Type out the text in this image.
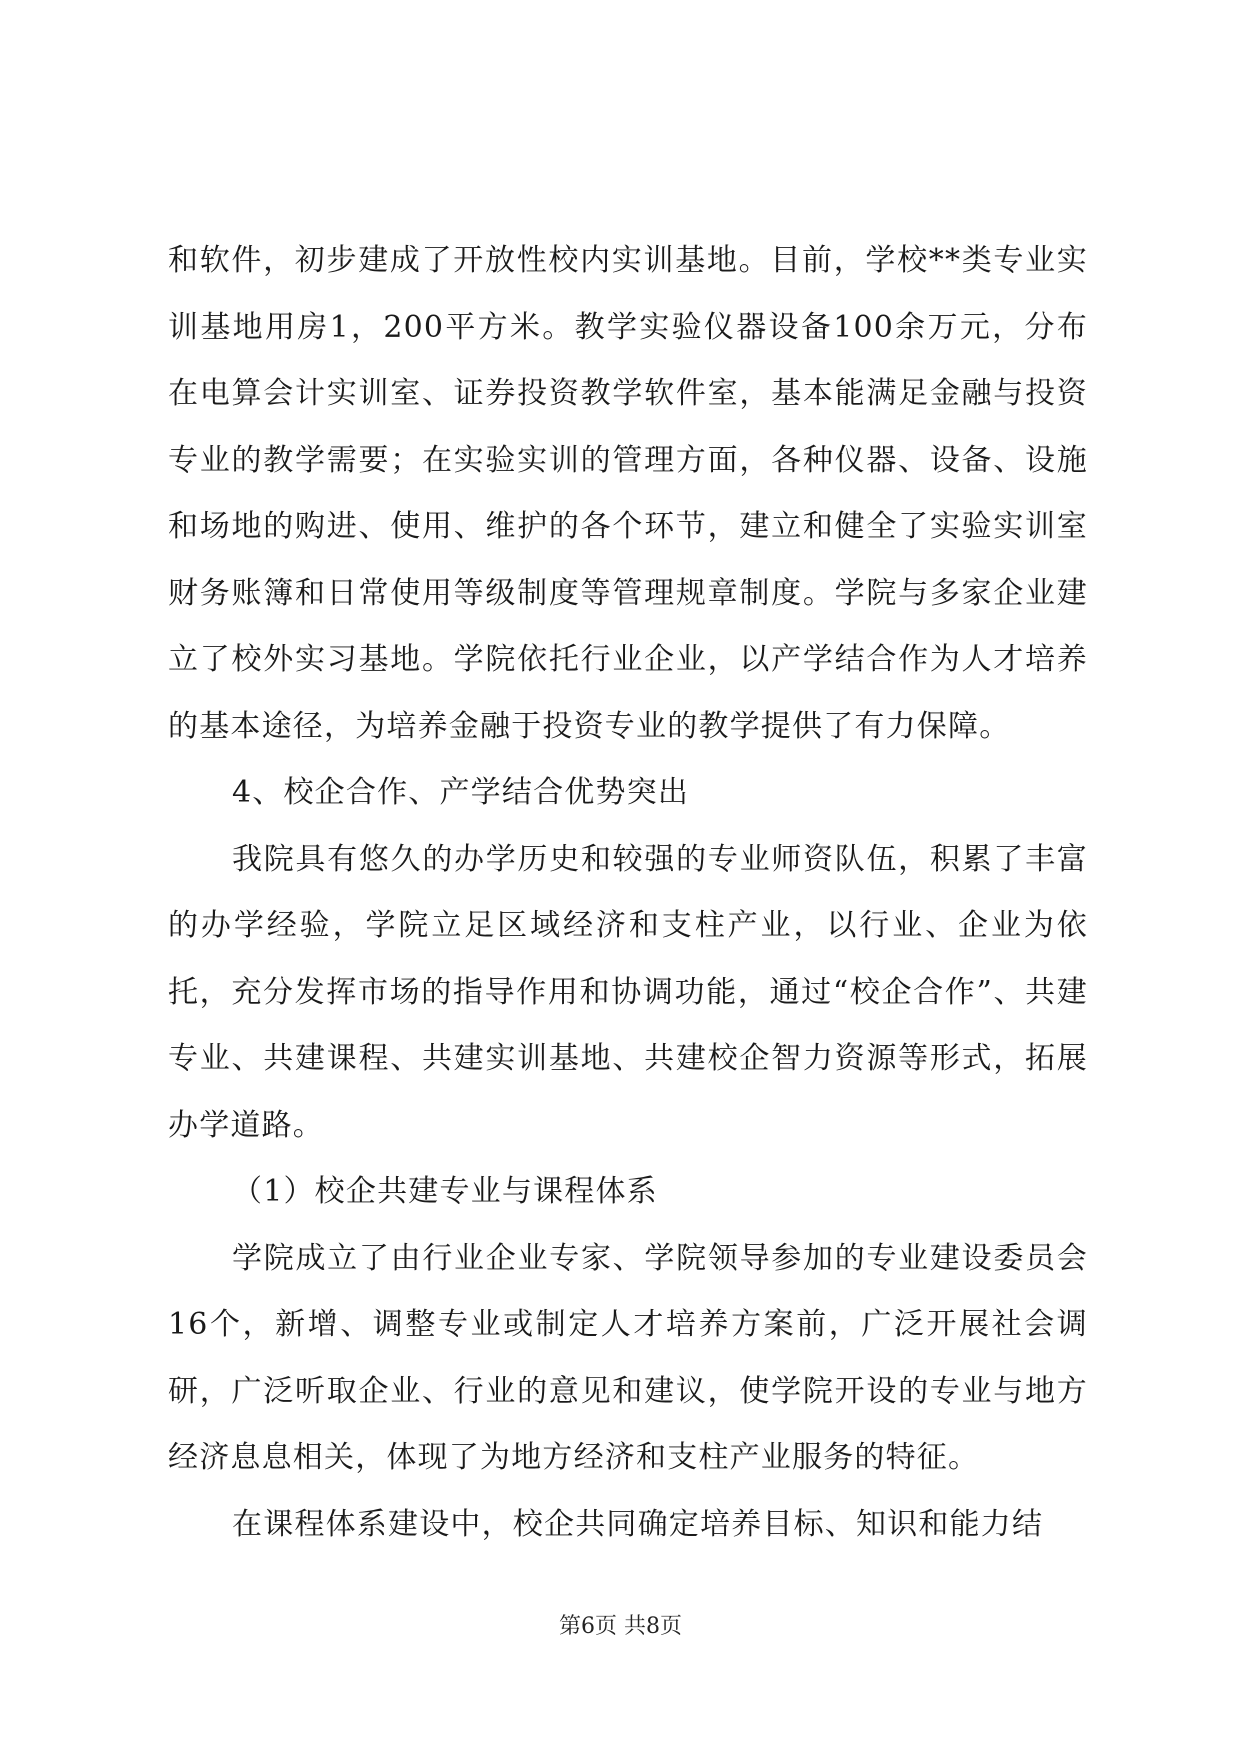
和软件，初步建成了开放性校内实训基地。目前，学校**类专业实训基地用房1，200平方米。教学实验仪器设备100余万元，分布在电算会计实训室、证券投资教学软件室，基本能满足金融与投资专业的教学需要；在实验实训的管理方面，各种仪器、设备、设施和场地的购进、使用、维护的各个环节，建立和健全了实验实训室财务账簿和日常使用等级制度等管理规章制度。学院与多家企业建立了校外实习基地。学院依托行业企业，以产学结合作为人才培养的基本途径，为培养金融于投资专业的教学提供了有力保障。

4、校企合作、产学结合优势突出

我院具有悠久的办学历史和较强的专业师资队伍，积累了丰富的办学经验，学院立足区域经济和支柱产业，以行业、企业为依托，充分发挥市场的指导作用和协调功能，通过“校企合作”、共建专业、共建课程、共建实训基地、共建校企智力资源等形式，拓展办学道路。

（1）校企共建专业与课程体系

学院成立了由行业企业专家、学院领导参加的专业建设委员会16个，新增、调整专业或制定人才培养方案前，广泛开展社会调研，广泛听取企业、行业的意见和建议，使学院开设的专业与地方经济息息相关，体现了为地方经济和支柱产业服务的特征。

在课程体系建设中，校企共同确定培养目标、知识和能力结

第6页 共8页
